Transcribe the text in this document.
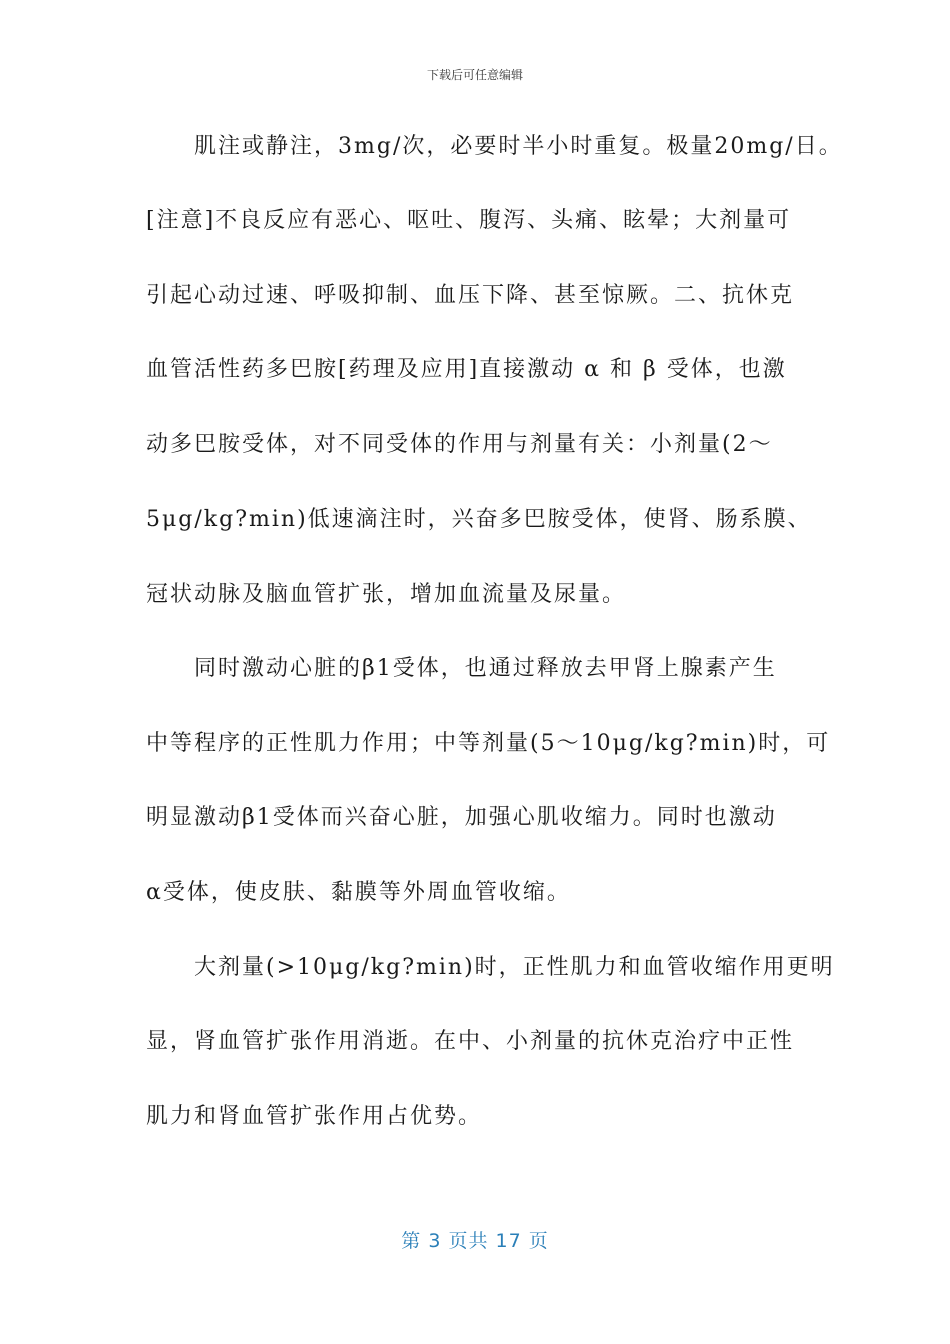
下载后可任意编辑
肌注或静注，3mg/次，必要时半小时重复。极量20mg/日。
[注意]不良反应有恶心、呕吐、腹泻、头痛、眩晕；大剂量可
引起心动过速、呼吸抑制、血压下降、甚至惊厥。二、抗休克
血管活性药多巴胺[药理及应用]直接激动 α 和 β 受体，也激
动多巴胺受体，对不同受体的作用与剂量有关：小剂量(2～
5μg/kg?min)低速滴注时，兴奋多巴胺受体，使肾、肠系膜、
冠状动脉及脑血管扩张，增加血流量及尿量。
同时激动心脏的β1受体，也通过释放去甲肾上腺素产生
中等程序的正性肌力作用；中等剂量(5～10μg/kg?min)时，可
明显激动β1受体而兴奋心脏，加强心肌收缩力。同时也激动
α受体，使皮肤、黏膜等外周血管收缩。
大剂量(>10μg/kg?min)时，正性肌力和血管收缩作用更明
显，肾血管扩张作用消逝。在中、小剂量的抗休克治疗中正性
肌力和肾血管扩张作用占优势。
第 3 页共 17 页
